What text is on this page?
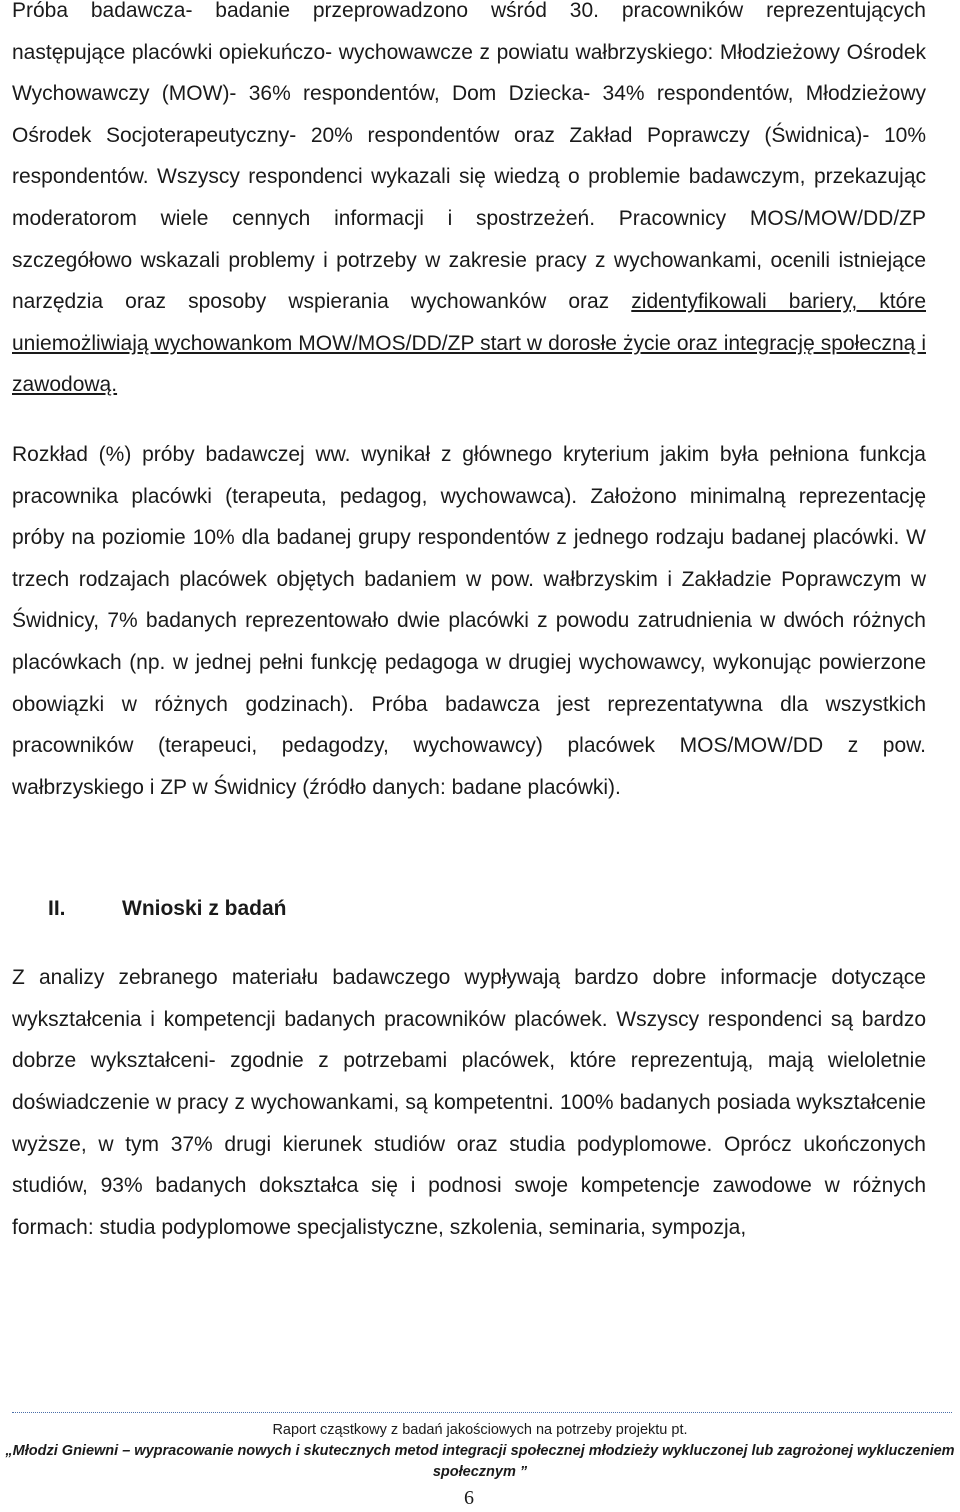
Próba badawcza- badanie przeprowadzono wśród 30. pracowników reprezentujących następujące placówki opiekuńczo- wychowawcze z powiatu wałbrzyskiego: Młodzieżowy Ośrodek Wychowawczy (MOW)- 36% respondentów, Dom Dziecka- 34% respondentów, Młodzieżowy Ośrodek Socjoterapeutyczny- 20% respondentów oraz Zakład Poprawczy (Świdnica)- 10% respondentów. Wszyscy respondenci wykazali się wiedzą o problemie badawczym, przekazując moderatorom wiele cennych informacji i spostrzeżeń. Pracownicy MOS/MOW/DD/ZP szczegółowo wskazali problemy i potrzeby w zakresie pracy z wychowankami, ocenili istniejące narzędzia oraz sposoby wspierania wychowanków oraz zidentyfikowali bariery, które uniemożliwiają wychowankom MOW/MOS/DD/ZP start w dorosłe życie oraz integrację społeczną i zawodową.

Rozkład (%) próby badawczej ww. wynikał z głównego kryterium jakim była pełniona funkcja pracownika placówki (terapeuta, pedagog, wychowawca). Założono minimalną reprezentację próby na poziomie 10% dla badanej grupy respondentów z jednego rodzaju badanej placówki. W trzech rodzajach placówek objętych badaniem w pow. wałbrzyskim i Zakładzie Poprawczym w Świdnicy, 7% badanych reprezentowało dwie placówki z powodu zatrudnienia w dwóch różnych placówkach (np. w jednej pełni funkcję pedagoga w drugiej wychowawcy, wykonując powierzone obowiązki w różnych godzinach). Próba badawcza jest reprezentatywna dla wszystkich pracowników (terapeuci, pedagodzy, wychowawcy) placówek MOS/MOW/DD z pow. wałbrzyskiego i ZP w Świdnicy (źródło danych: badane placówki).

II.	Wnioski z badań

Z analizy zebranego materiału badawczego wypływają bardzo dobre informacje dotyczące wykształcenia i kompetencji badanych pracowników placówek. Wszyscy respondenci są bardzo dobrze wykształceni- zgodnie z potrzebami placówek, które reprezentują, mają wieloletnie doświadczenie w pracy z wychowankami, są kompetentni. 100% badanych posiada wykształcenie wyższe, w tym 37% drugi kierunek studiów oraz studia podyplomowe. Oprócz ukończonych studiów, 93% badanych dokształca się i podnosi swoje kompetencje zawodowe w różnych formach: studia podyplomowe specjalistyczne, szkolenia, seminaria, sympozja,

Raport cząstkowy z badań jakościowych na potrzeby projektu pt.
„Młodzi Gniewni – wypracowanie nowych i skutecznych metod integracji społecznej młodzieży wykluczonej lub zagrożonej wykluczeniem społecznym ”
6
